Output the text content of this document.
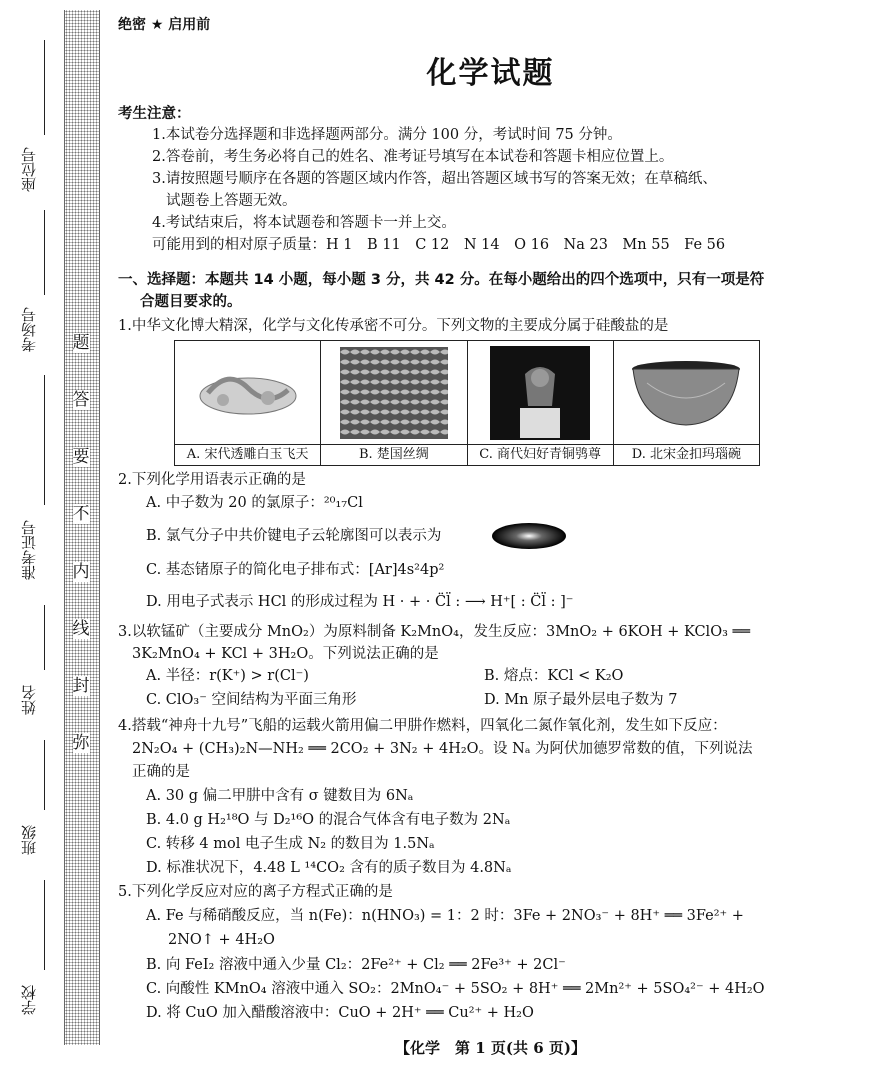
座位号
考场号
准考证号
姓名
班级
学校
题
答
要
不
内
线
封
弥
绝密 ★ 启用前
化学试题
考生注意：
1.本试卷分选择题和非选择题两部分。满分 100 分，考试时间 75 分钟。
2.答卷前，考生务必将自己的姓名、准考证号填写在本试卷和答题卡相应位置上。
3.请按照题号顺序在各题的答题区域内作答，超出答题区域书写的答案无效；在草稿纸、
试题卷上答题无效。
4.考试结束后，将本试题卷和答题卡一并上交。
可能用到的相对原子质量：H 1　B 11　C 12　N 14　O 16　Na 23　Mn 55　Fe 56
一、选择题：本题共 14 小题，每小题 3 分，共 42 分。在每小题给出的四个选项中，只有一项是符
合题目要求的。
1.中华文化博大精深，化学与文化传承密不可分。下列文物的主要成分属于硅酸盐的是
A. 宋代透雕白玉飞天	B. 楚国丝绸	C. 商代妇好青铜鸮尊	D. 北宋金扣玛瑙碗
2.下列化学用语表示正确的是
A. 中子数为 20 的氯原子：²⁰₁₇Cl
B. 氯气分子中共价键电子云轮廓图可以表示为
C. 基态锗原子的简化电子排布式：[Ar]4s²4p²
D. 用电子式表示 HCl 的形成过程为 H · + · C̈l̈ : ⟶ H⁺[ : C̈l̈ : ]⁻
3.以软锰矿（主要成分 MnO₂）为原料制备 K₂MnO₄，发生反应：3MnO₂ + 6KOH + KClO₃ ══
3K₂MnO₄ + KCl + 3H₂O。下列说法正确的是
A. 半径：r(K⁺) > r(Cl⁻)	B. 熔点：KCl < K₂O
C. ClO₃⁻ 空间结构为平面三角形	D. Mn 原子最外层电子数为 7
4.搭载“神舟十九号”飞船的运载火箭用偏二甲肼作燃料，四氧化二氮作氧化剂，发生如下反应：
2N₂O₄ + (CH₃)₂N—NH₂ ══ 2CO₂ + 3N₂ + 4H₂O。设 Nₐ 为阿伏加德罗常数的值，下列说法
正确的是
A. 30 g 偏二甲肼中含有 σ 键数目为 6Nₐ
B. 4.0 g H₂¹⁸O 与 D₂¹⁶O 的混合气体含有电子数为 2Nₐ
C. 转移 4 mol 电子生成 N₂ 的数目为 1.5Nₐ
D. 标准状况下，4.48 L ¹⁴CO₂ 含有的质子数目为 4.8Nₐ
5.下列化学反应对应的离子方程式正确的是
A. Fe 与稀硝酸反应，当 n(Fe)：n(HNO₃) = 1：2 时：3Fe + 2NO₃⁻ + 8H⁺ ══ 3Fe²⁺ +
2NO↑ + 4H₂O
B. 向 FeI₂ 溶液中通入少量 Cl₂：2Fe²⁺ + Cl₂ ══ 2Fe³⁺ + 2Cl⁻
C. 向酸性 KMnO₄ 溶液中通入 SO₂：2MnO₄⁻ + 5SO₂ + 8H⁺ ══ 2Mn²⁺ + 5SO₄²⁻ + 4H₂O
D. 将 CuO 加入醋酸溶液中：CuO + 2H⁺ ══ Cu²⁺ + H₂O
【化学　第 1 页(共 6 页)】
